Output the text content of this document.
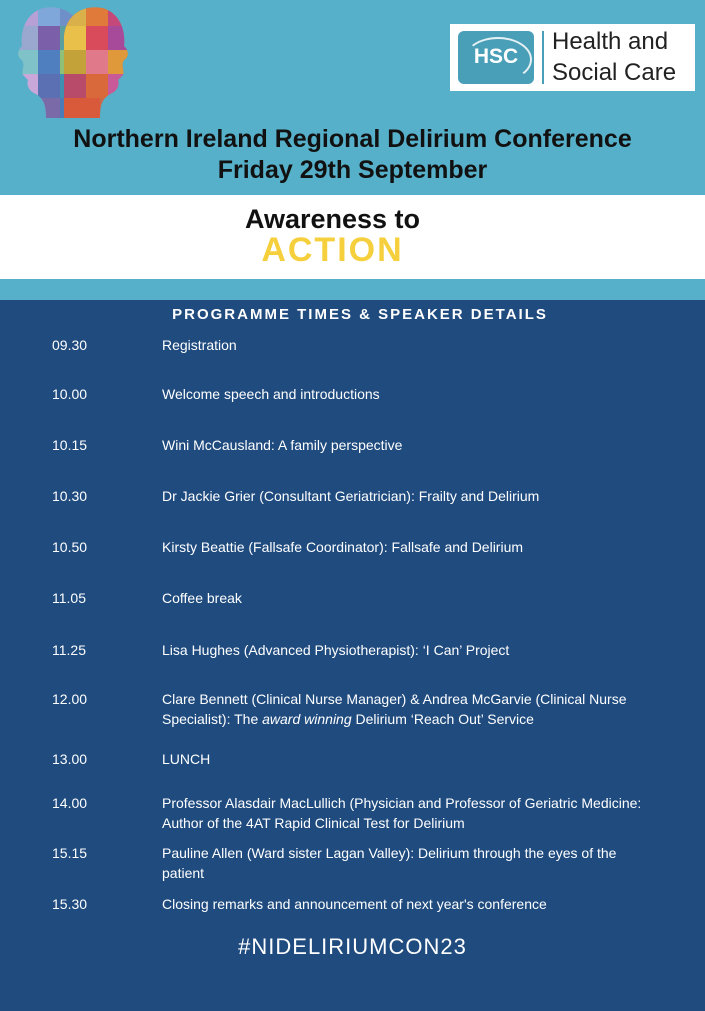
HSC
Health and
Social Care
Northern Ireland Regional Delirium Conference
Friday 29th September
Awareness to
ACTION
PROGRAMME TIMES & SPEAKER DETAILS
09.30	Registration
10.00	Welcome speech and introductions
10.15	Wini McCausland: A family perspective
10.30	Dr Jackie Grier (Consultant Geriatrician): Frailty and Delirium
10.50	Kirsty Beattie (Fallsafe Coordinator): Fallsafe and Delirium
11.05	Coffee break
11.25	Lisa Hughes (Advanced Physiotherapist): ‘I Can’ Project
12.00	Clare Bennett (Clinical Nurse Manager) & Andrea McGarvie (Clinical Nurse Specialist): The award winning Delirium ‘Reach Out’ Service
13.00	LUNCH
14.00	Professor Alasdair MacLullich (Physician and Professor of Geriatric Medicine: Author of the 4AT Rapid Clinical Test for Delirium
15.15	Pauline Allen (Ward sister Lagan Valley): Delirium through the eyes of the patient
15.30	Closing remarks and announcement of next year's conference
#NIDELIRIUMCON23
